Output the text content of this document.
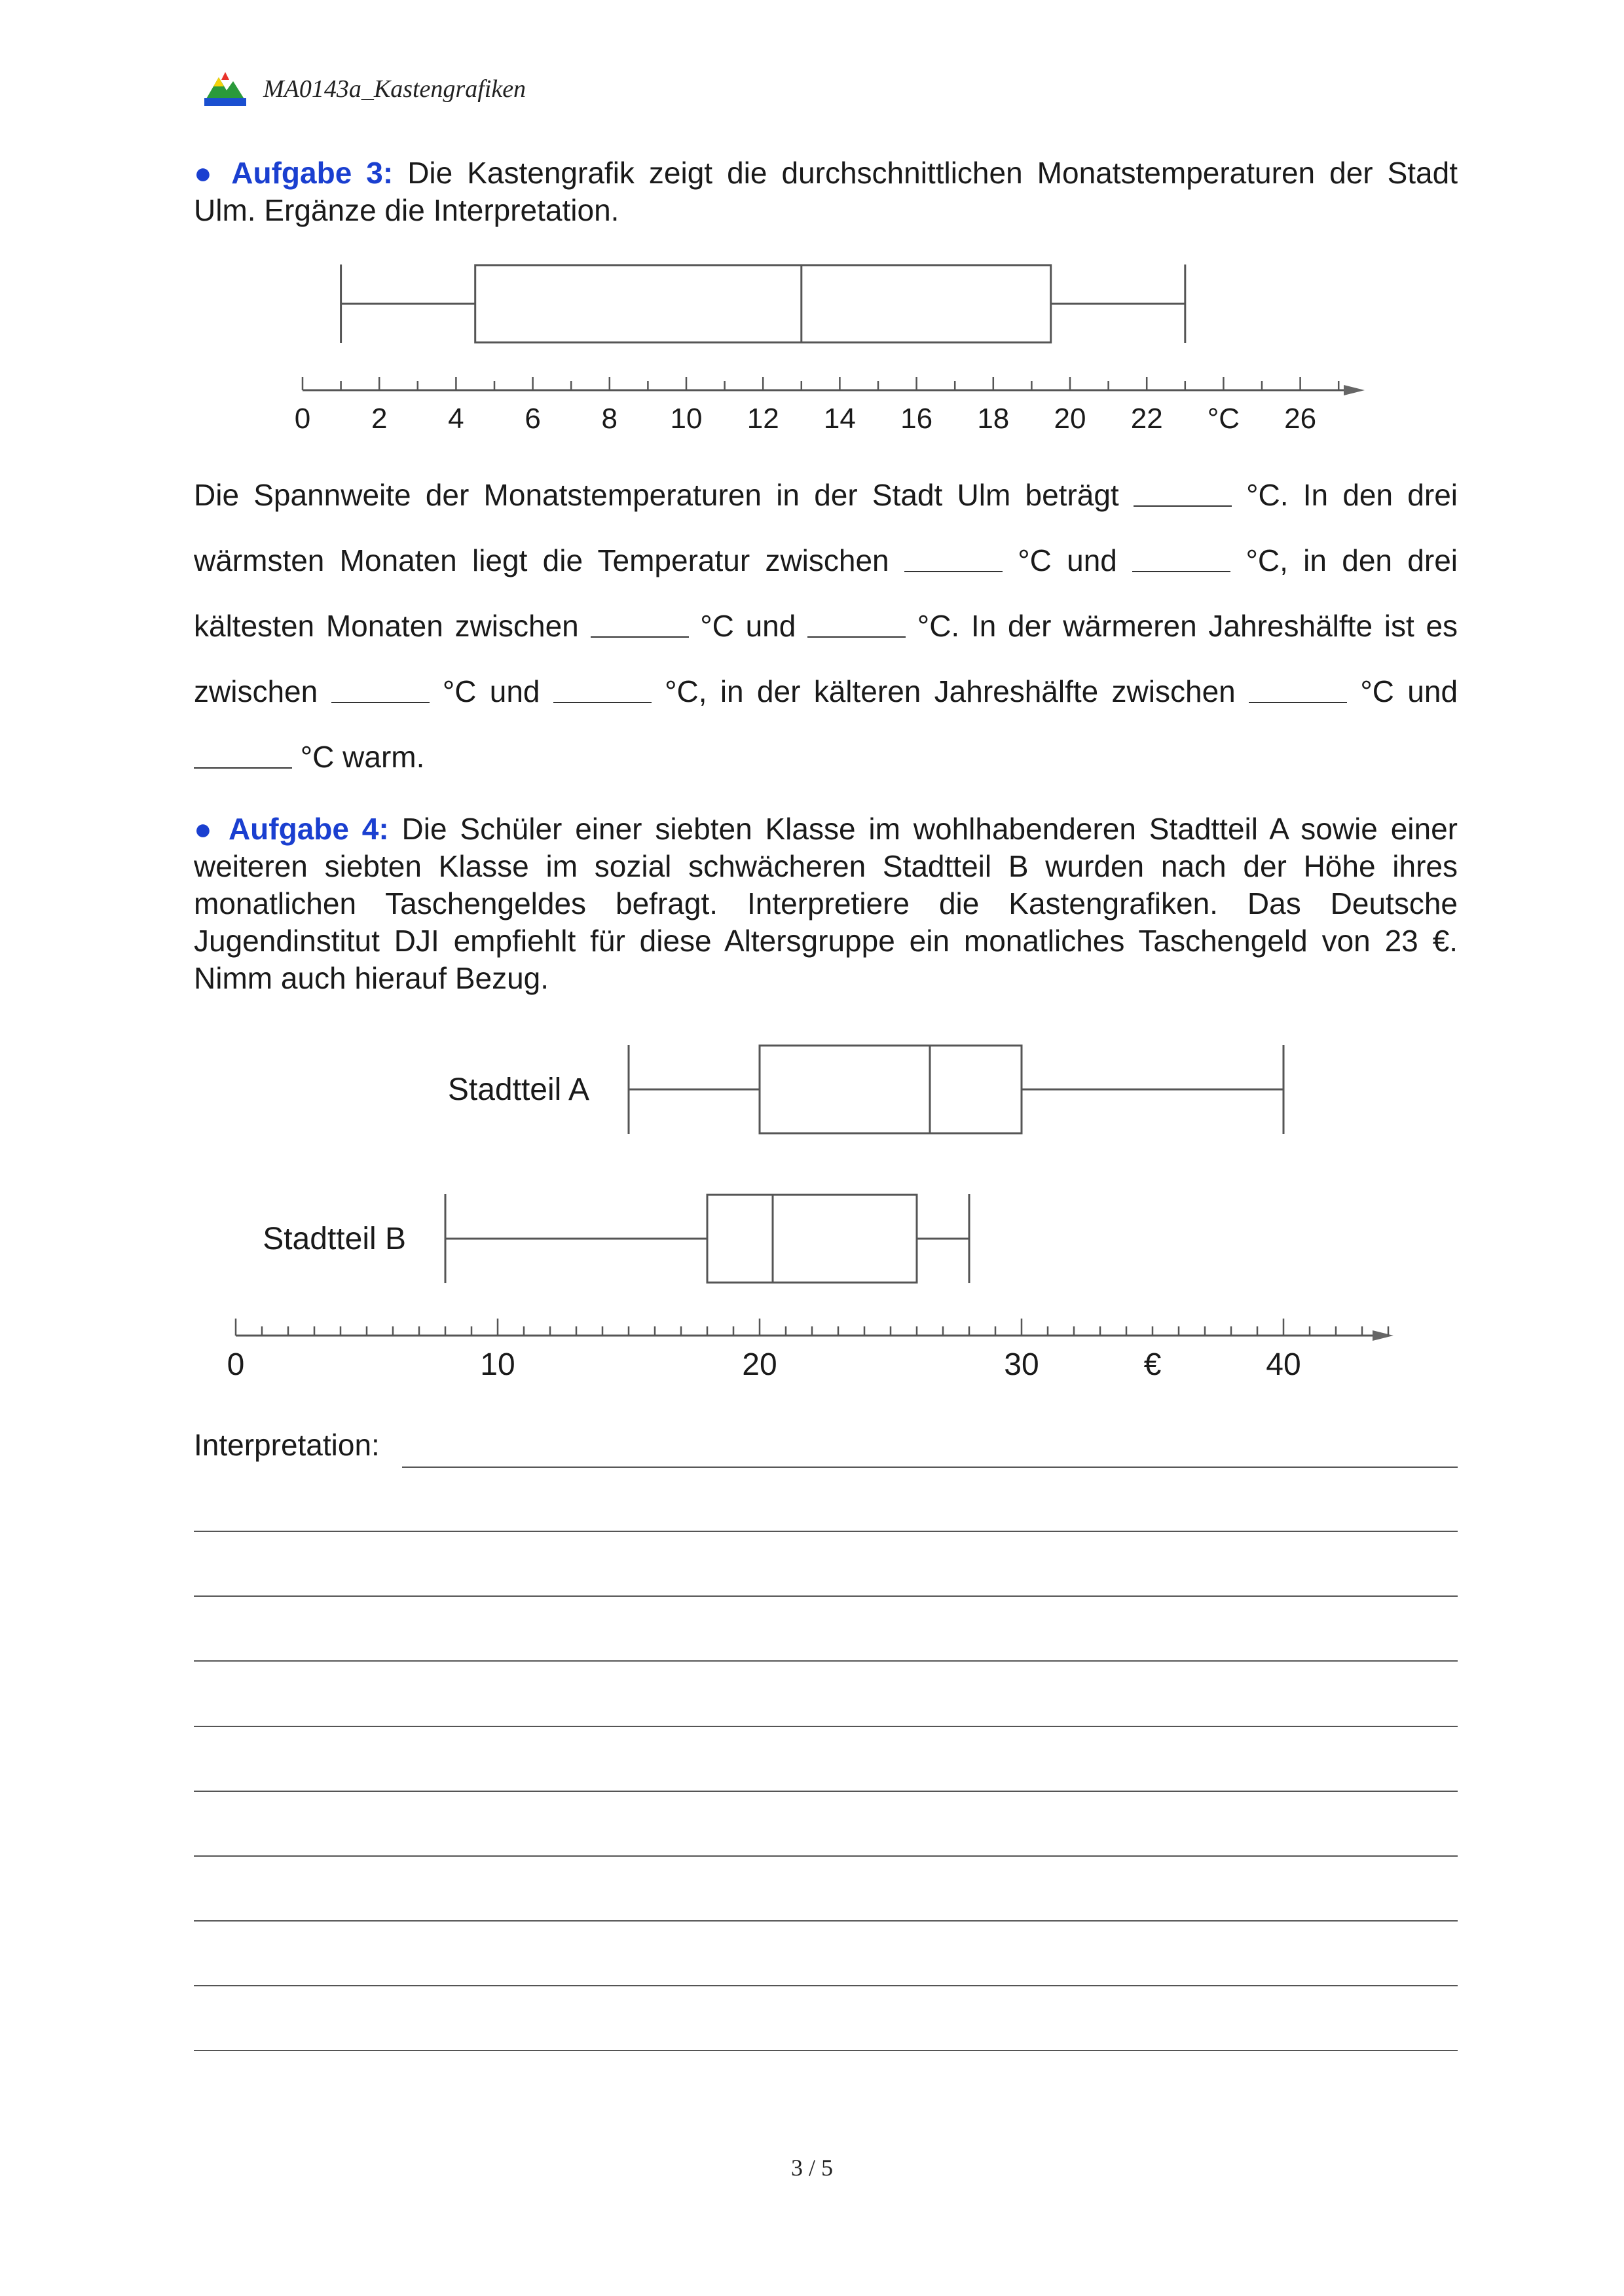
MA0143a_Kastengrafiken

● Aufgabe 3: Die Kastengrafik zeigt die durchschnittlichen Monatstemperaturen der Stadt Ulm. Ergänze die Interpretation.

0 2 4 6 8 10 12 14 16 18 20 22 °C 26

Die Spannweite der Monatstemperaturen in der Stadt Ulm beträgt	°C. In den drei wärmsten Monaten liegt die Temperatur zwischen	°C und	°C, in den drei kältesten Monaten zwischen	°C und	°C. In der wärmeren Jahreshälfte ist es zwischen	°C und	°C, in der kälteren Jahreshälfte zwischen	°C und  °C warm.

● Aufgabe 4: Die Schüler einer siebten Klasse im wohlhabenderen Stadtteil A sowie einer weiteren siebten Klasse im sozial schwächeren Stadtteil B wurden nach der Höhe ihres monatlichen Taschengeldes befragt. Interpretiere die Kastengrafiken. Das Deutsche Jugendinstitut DJI empfiehlt für diese Altersgruppe ein monatliches Taschengeld von 23 €. Nimm auch hierauf Bezug.

0	10	20	30	€	40
Stadtteil A
Stadtteil B
Interpretation:
3 / 5
